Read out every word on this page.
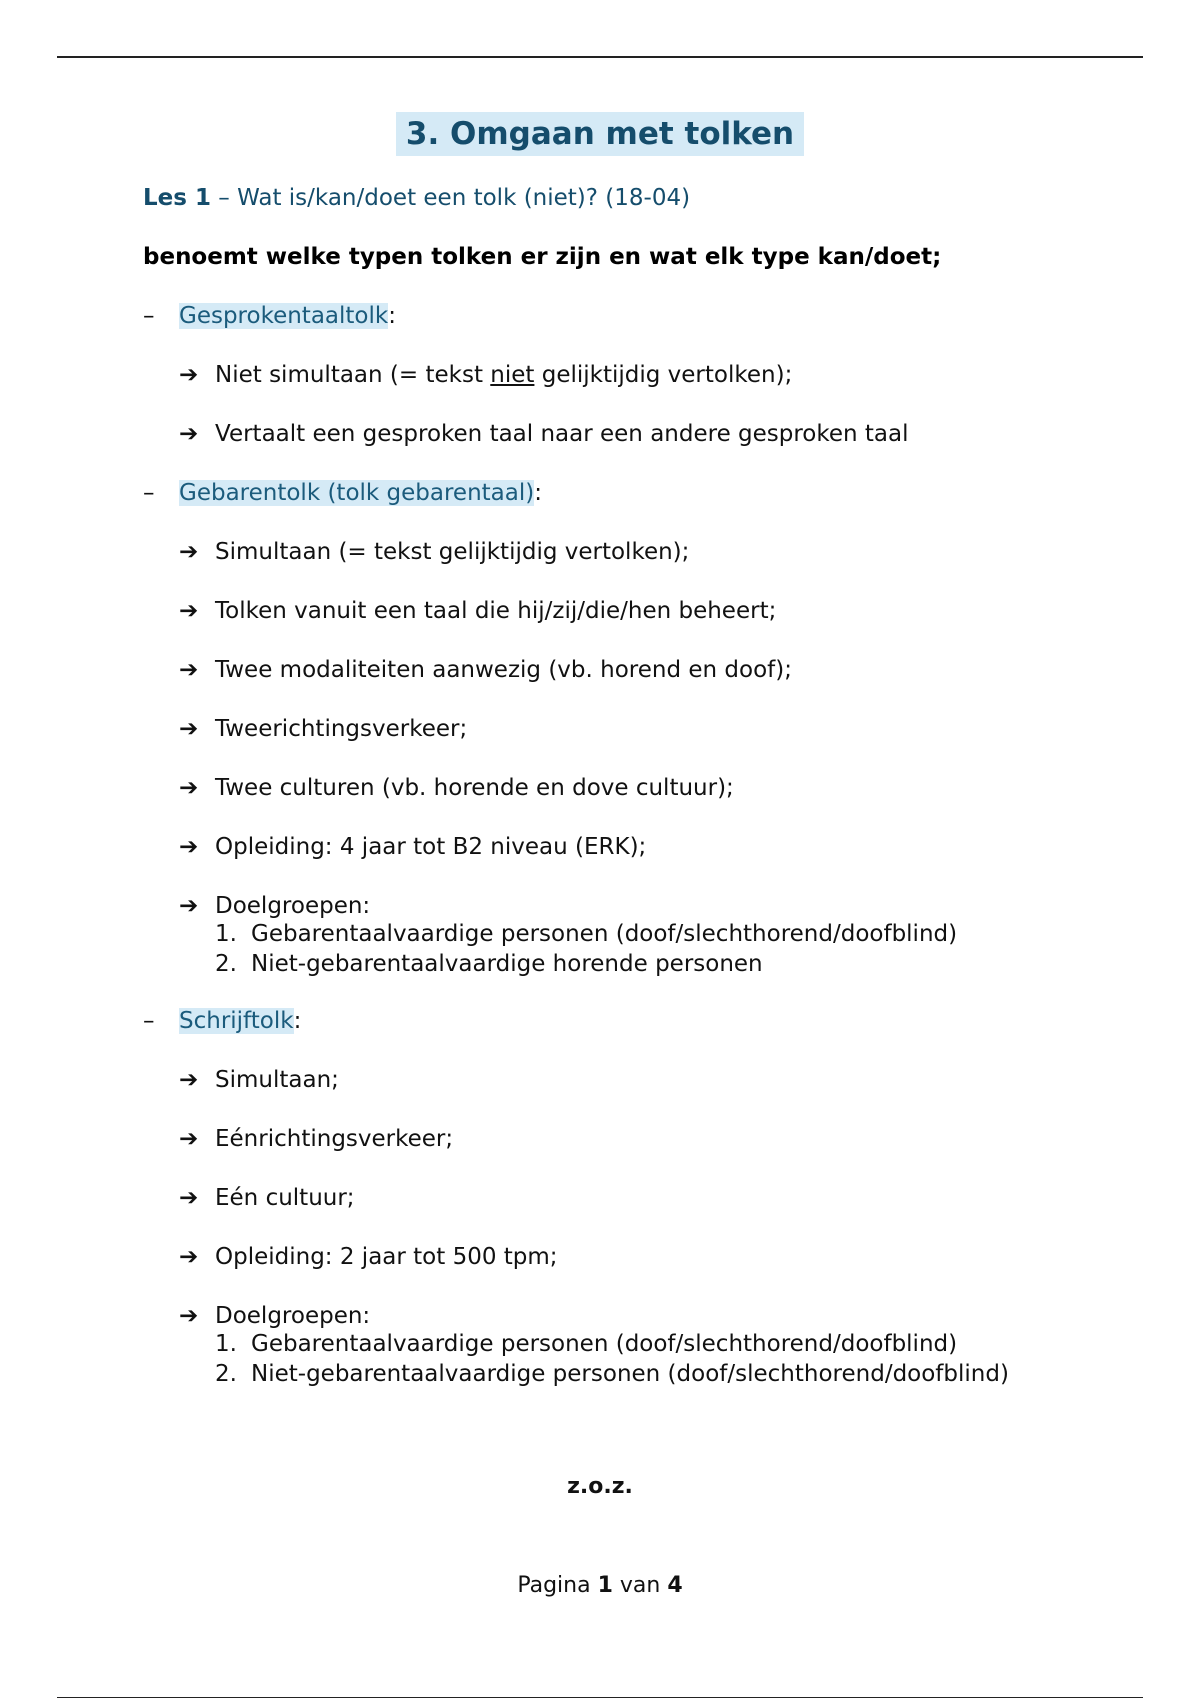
3. Omgaan met tolken
Les 1 – Wat is/kan/doet een tolk (niet)? (18-04)
benoemt welke typen tolken er zijn en wat elk type kan/doet;
– Gesprokentaaltolk:
➔ Niet simultaan (= tekst niet gelijktijdig vertolken);
➔ Vertaalt een gesproken taal naar een andere gesproken taal
– Gebarentolk (tolk gebarentaal):
➔ Simultaan (= tekst gelijktijdig vertolken);
➔ Tolken vanuit een taal die hij/zij/die/hen beheert;
➔ Twee modaliteiten aanwezig (vb. horend en doof);
➔ Tweerichtingsverkeer;
➔ Twee culturen (vb. horende en dove cultuur);
➔ Opleiding: 4 jaar tot B2 niveau (ERK);
➔ Doelgroepen:
1. Gebarentaalvaardige personen (doof/slechthorend/doofblind)
2. Niet-gebarentaalvaardige horende personen
– Schrijftolk:
➔ Simultaan;
➔ Eénrichtingsverkeer;
➔ Eén cultuur;
➔ Opleiding: 2 jaar tot 500 tpm;
➔ Doelgroepen:
1. Gebarentaalvaardige personen (doof/slechthorend/doofblind)
2. Niet-gebarentaalvaardige personen (doof/slechthorend/doofblind)
z.o.z.
Pagina 1 van 4
